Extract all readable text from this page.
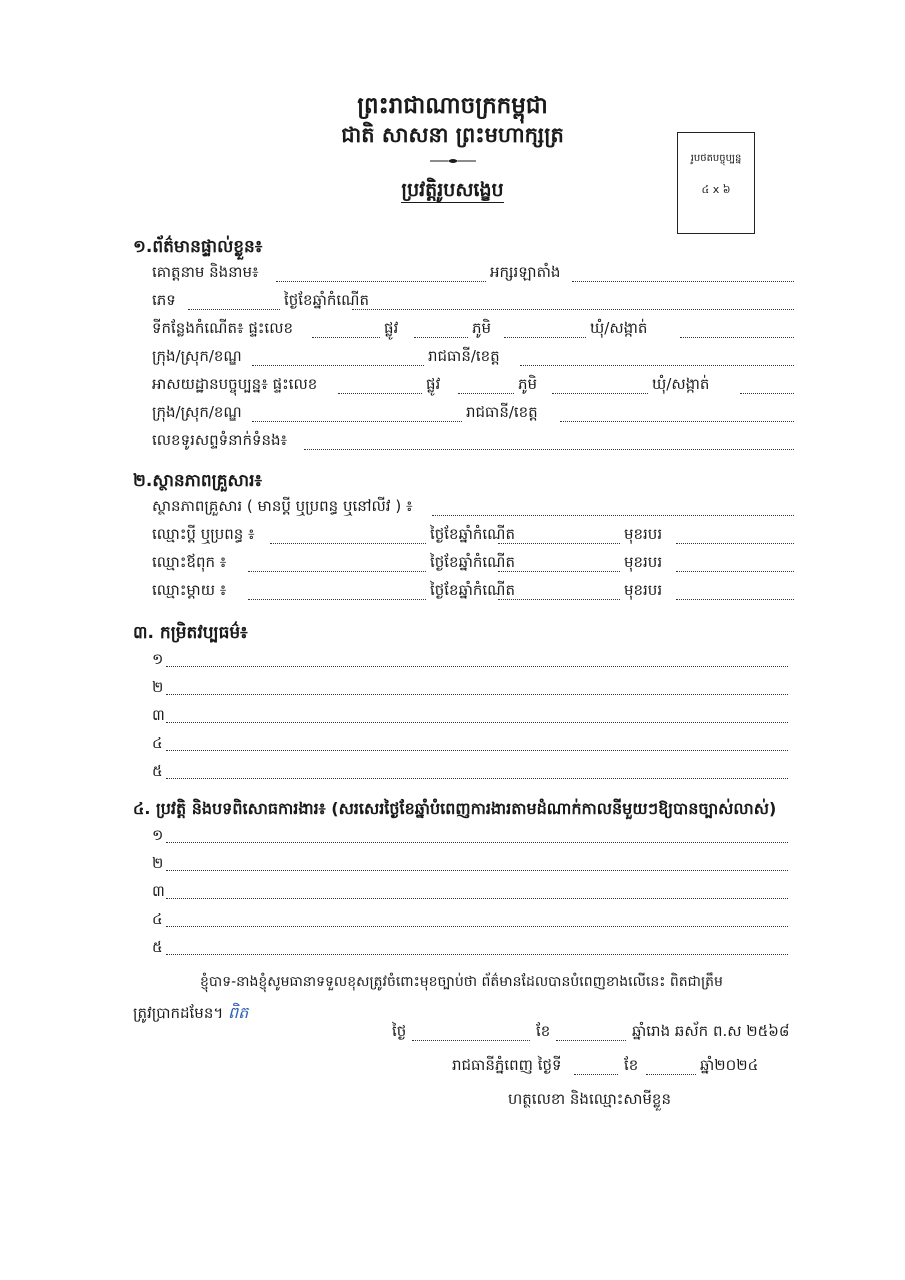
ព្រះរាជាណាចក្រកម្ពុជា
ជាតិ សាសនា ព្រះមហាក្សត្រ
ប្រវត្តិរូបសង្ខេប
រូបថតបច្ចុប្បន្ន
៤ x ៦
១.ព័ត៌មានផ្ទាល់ខ្លួន៖
គោត្តនាម និងនាម៖	អក្សរឡាតាំង
ភេទ	ថ្ងៃខែឆ្នាំកំណើត
ទីកន្លែងកំណើត៖ ផ្ទះលេខ	ផ្លូវ	ភូមិ	ឃុំ/សង្កាត់
ក្រុង/ស្រុក/ខណ្ឌ	រាជធានី/ខេត្ត
អាសយដ្ឋានបច្ចុប្បន្ន៖ ផ្ទះលេខ	ផ្លូវ	ភូមិ	ឃុំ/សង្កាត់
ក្រុង/ស្រុក/ខណ្ឌ	រាជធានី/ខេត្ត
លេខទូរសព្ទទំនាក់ទំនង៖
២.ស្ថានភាពគ្រួសារ៖
ស្ថានភាពគ្រួសារ ( មានប្តី ឬប្រពន្ធ ឬនៅលីវ ) ៖
ឈ្មោះប្តី ឬប្រពន្ធ ៖	ថ្ងៃខែឆ្នាំកំណើត	មុខរបរ
ឈ្មោះឪពុក ៖	ថ្ងៃខែឆ្នាំកំណើត	មុខរបរ
ឈ្មោះម្តាយ ៖	ថ្ងៃខែឆ្នាំកំណើត	មុខរបរ
៣. កម្រិតវប្បធម៌៖
១
២
៣
៤
៥
៤. ប្រវត្តិ និងបទពិសោធការងារ៖ (សរសេរថ្ងៃខែឆ្នាំបំពេញការងារតាមដំណាក់កាលនីមួយៗឱ្យបានច្បាស់លាស់)
១
២
៣
៤
៥
ខ្ញុំបាទ-នាងខ្ញុំសូមធានាទទួលខុសត្រូវចំពោះមុខច្បាប់ថា ព័ត៌មានដែលបានបំពេញខាងលើនេះ ពិតជាត្រឹម
ត្រូវប្រាកដមែន។ ពិត
ថ្ងៃ	ខែ	ឆ្នាំរោង ឆស័ក ព.ស ២៥៦៨
រាជធានីភ្នំពេញ ថ្ងៃទី	ខែ	ឆ្នាំ២០២៤
ហត្ថលេខា និងឈ្មោះសាមីខ្លួន
